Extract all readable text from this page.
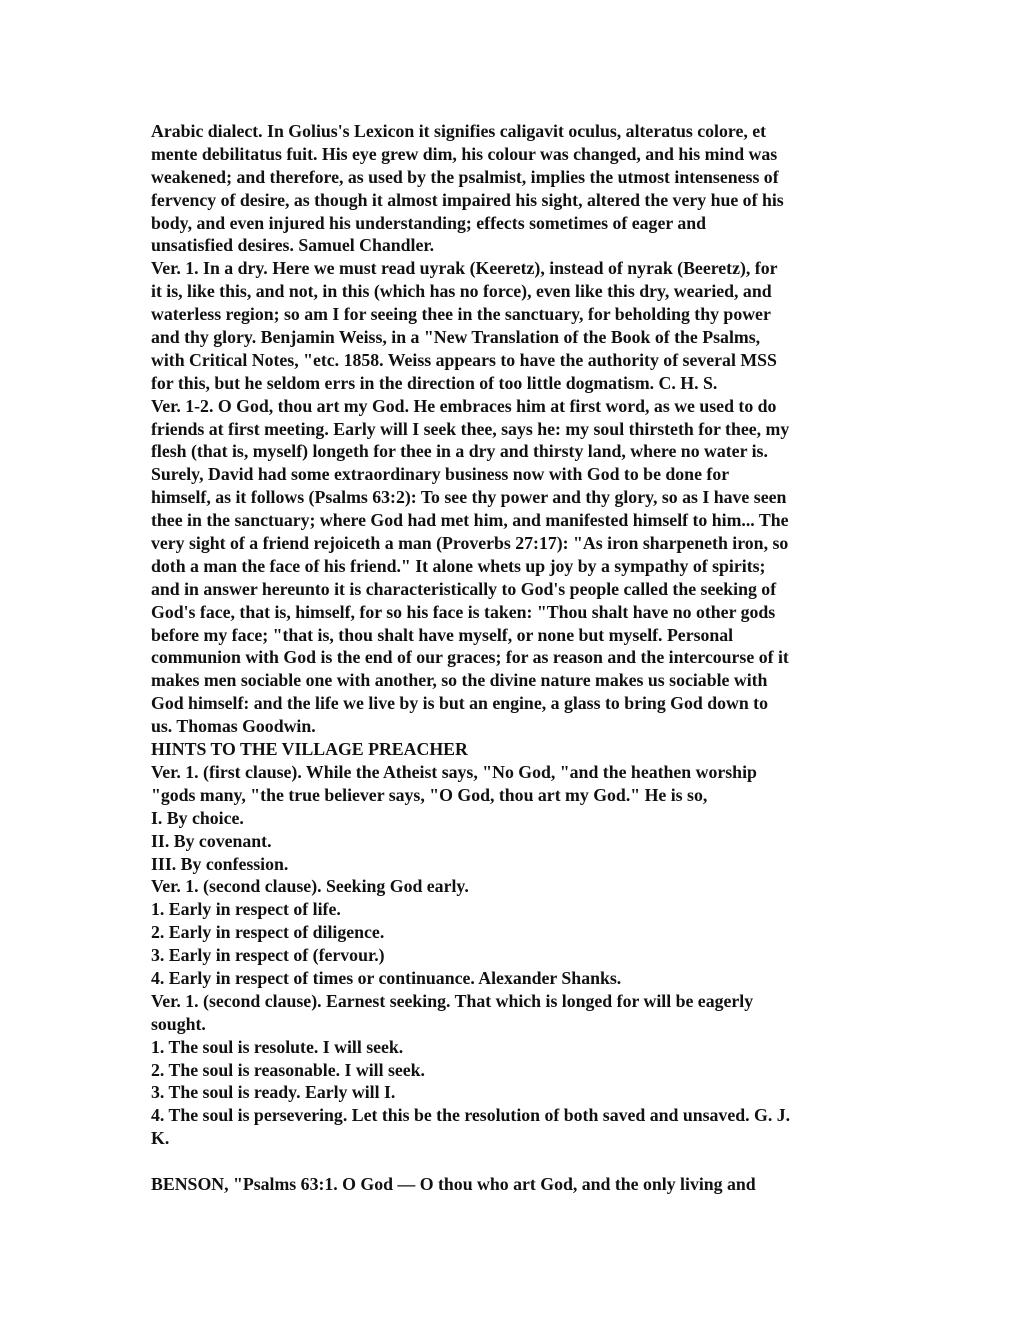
Arabic dialect. In Golius's Lexicon it signifies caligavit oculus, alteratus colore, et
mente debilitatus fuit. His eye grew dim, his colour was changed, and his mind was
weakened; and therefore, as used by the psalmist, implies the utmost intenseness of
fervency of desire, as though it almost impaired his sight, altered the very hue of his
body, and even injured his understanding; effects sometimes of eager and
unsatisfied desires. Samuel Chandler.
Ver. 1. In a dry. Here we must read uyrak (Keeretz), instead of nyrak (Beeretz), for
it is, like this, and not, in this (which has no force), even like this dry, wearied, and
waterless region; so am I for seeing thee in the sanctuary, for beholding thy power
and thy glory. Benjamin Weiss, in a "New Translation of the Book of the Psalms,
with Critical Notes, "etc. 1858. Weiss appears to have the authority of several MSS
for this, but he seldom errs in the direction of too little dogmatism. C. H. S.
Ver. 1-2. O God, thou art my God. He embraces him at first word, as we used to do
friends at first meeting. Early will I seek thee, says he: my soul thirsteth for thee, my
flesh (that is, myself) longeth for thee in a dry and thirsty land, where no water is.
Surely, David had some extraordinary business now with God to be done for
himself, as it follows (Psalms 63:2): To see thy power and thy glory, so as I have seen
thee in the sanctuary; where God had met him, and manifested himself to him... The
very sight of a friend rejoiceth a man (Proverbs 27:17): "As iron sharpeneth iron, so
doth a man the face of his friend." It alone whets up joy by a sympathy of spirits;
and in answer hereunto it is characteristically to God's people called the seeking of
God's face, that is, himself, for so his face is taken: "Thou shalt have no other gods
before my face; "that is, thou shalt have myself, or none but myself. Personal
communion with God is the end of our graces; for as reason and the intercourse of it
makes men sociable one with another, so the divine nature makes us sociable with
God himself: and the life we live by is but an engine, a glass to bring God down to
us. Thomas Goodwin.
HINTS TO THE VILLAGE PREACHER
Ver. 1. (first clause). While the Atheist says, "No God, "and the heathen worship
"gods many, "the true believer says, "O God, thou art my God." He is so,
I. By choice.
II. By covenant.
III. By confession.
Ver. 1. (second clause). Seeking God early.
1. Early in respect of life.
2. Early in respect of diligence.
3. Early in respect of (fervour.)
4. Early in respect of times or continuance. Alexander Shanks.
Ver. 1. (second clause). Earnest seeking. That which is longed for will be eagerly
sought.
1. The soul is resolute. I will seek.
2. The soul is reasonable. I will seek.
3. The soul is ready. Early will I.
4. The soul is persevering. Let this be the resolution of both saved and unsaved. G. J.
K.
BENSON, "Psalms 63:1. O God — O thou who art God, and the only living and
